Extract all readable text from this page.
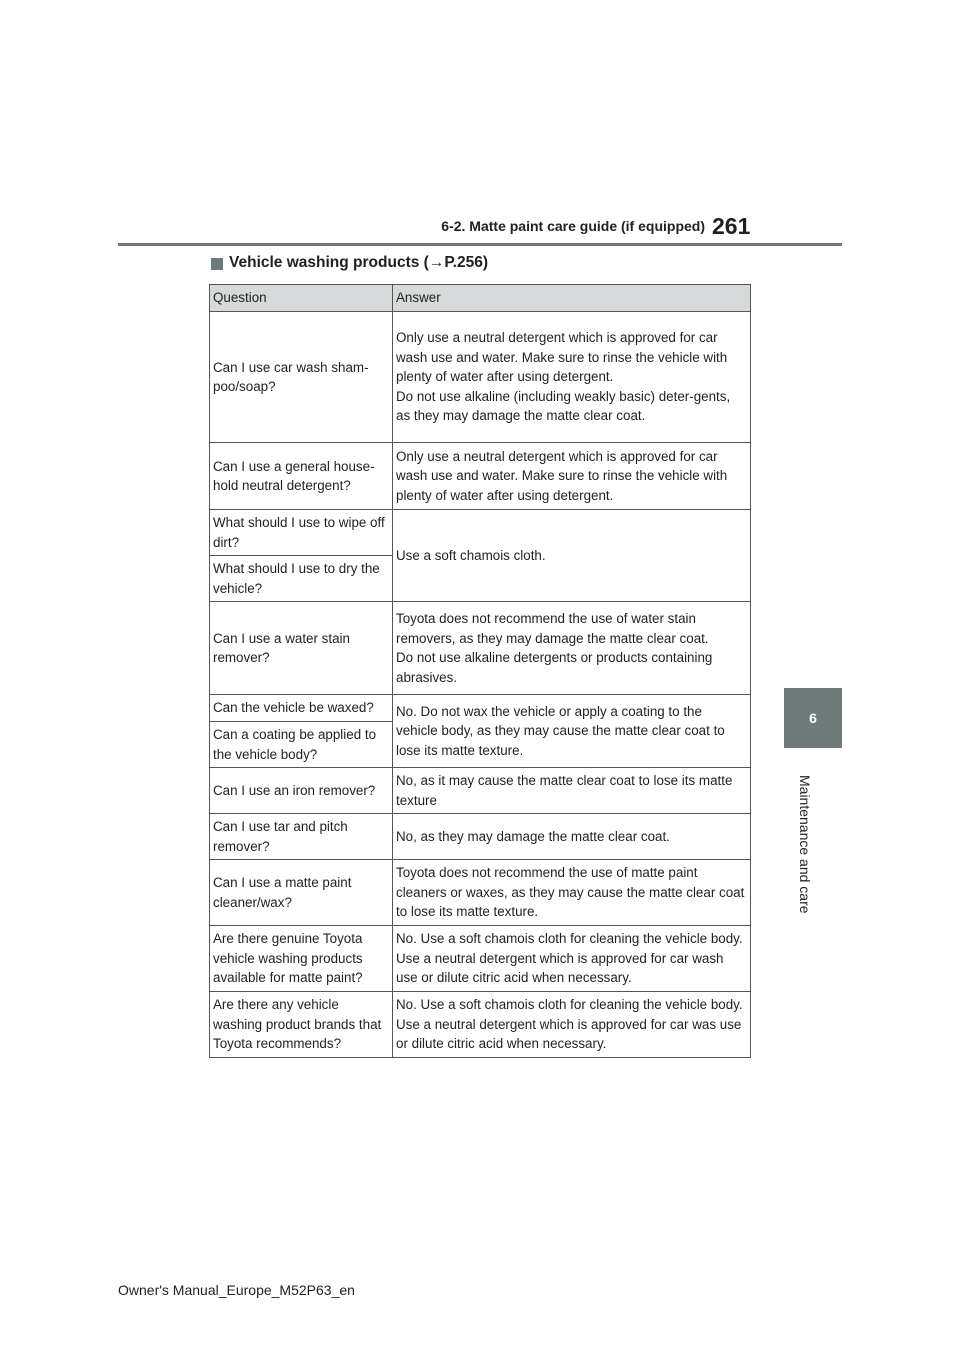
6-2. Matte paint care guide (if equipped) 261
6
Maintenance and care
Vehicle washing products (→P.256)
Question	Answer
Can I use car wash sham-poo/soap?	Only use a neutral detergent which is approved for car wash use and water. Make sure to rinse the vehicle with plenty of water after using detergent.
Do not use alkaline (including weakly basic) deter-gents, as they may damage the matte clear coat.
Can I use a general house-hold neutral detergent?	Only use a neutral detergent which is approved for car wash use and water. Make sure to rinse the vehicle with plenty of water after using detergent.
What should I use to wipe off dirt?	Use a soft chamois cloth.
What should I use to dry the vehicle?	
Can I use a water stain remover?	Toyota does not recommend the use of water stain removers, as they may damage the matte clear coat.
Do not use alkaline detergents or products containing abrasives.
Can the vehicle be waxed?	No. Do not wax the vehicle or apply a coating to the vehicle body, as they may cause the matte clear coat to lose its matte texture.
Can a coating be applied to the vehicle body?	
Can I use an iron remover?	No, as it may cause the matte clear coat to lose its matte texture
Can I use tar and pitch remover?	No, as they may damage the matte clear coat.
Can I use a matte paint cleaner/wax?	Toyota does not recommend the use of matte paint cleaners or waxes, as they may cause the matte clear coat to lose its matte texture.
Are there genuine Toyota vehicle washing products available for matte paint?	No. Use a soft chamois cloth for cleaning the vehicle body. Use a neutral detergent which is approved for car wash use or dilute citric acid when necessary.
Are there any vehicle washing product brands that Toyota recommends?	No. Use a soft chamois cloth for cleaning the vehicle body. Use a neutral detergent which is approved for car was use or dilute citric acid when necessary.
Owner's Manual_Europe_M52P63_en
